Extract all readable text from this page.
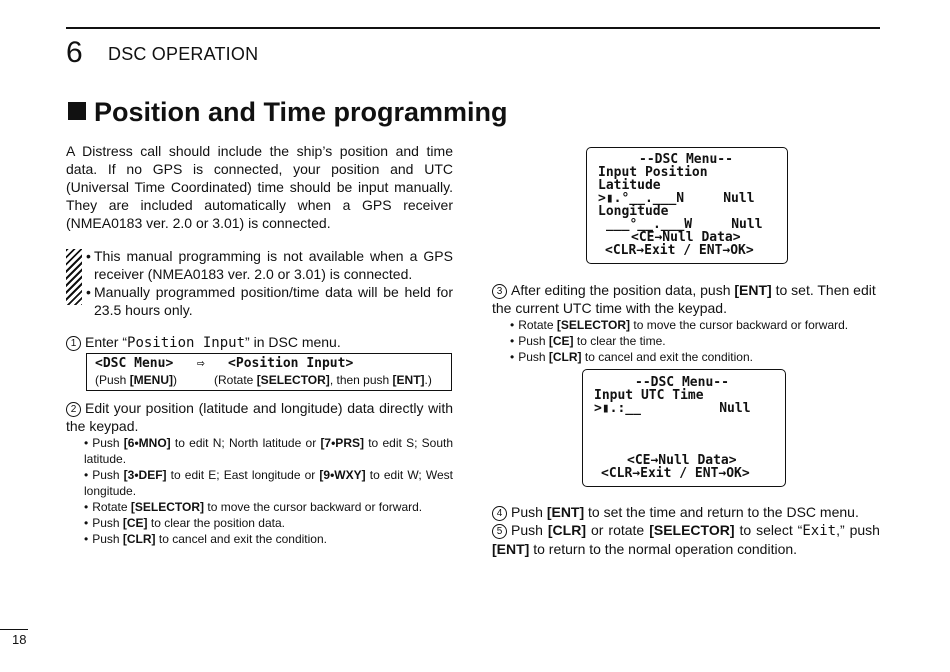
6 DSC OPERATION
Position and Time programming
A Distress call should include the ship’s position and time data. If no GPS is connected, your position and UTC (Universal Time Coordinated) time should be input manually. They are included automatically when a GPS receiver (NMEA0183 ver. 2.0 or 3.01) is connected.
• This manual programming is not available when a GPS receiver (NMEA0183 ver. 2.0 or 3.01) is connected.
• Manually programmed position/time data will be held for 23.5 hours only.
1 Enter “Position Input” in DSC menu.
<DSC Menu>   ⇨   <Position Input>
(Push [MENU])	(Rotate [SELECTOR], then push [ENT].)
2 Edit your position (latitude and longitude) data directly with the keypad.
• Push [6•MNO] to edit N; North latitude or [7•PRS] to edit S; South latitude.
• Push [3•DEF] to edit E; East longitude or [9•WXY] to edit W; West longitude.
• Rotate [SELECTOR] to move the cursor backward or forward.
• Push [CE] to clear the position data.
• Push [CLR] to cancel and exit the condition.
--DSC Menu--
Input Position
Latitude
>▮.°__.___N     Null
Longitude
___°__.___W     Null
<CE→Null Data>
<CLR→Exit / ENT→OK>
3 After editing the position data, push [ENT] to set. Then edit the current UTC time with the keypad.
• Rotate [SELECTOR] to move the cursor backward or forward.
• Push [CE] to clear the time.
• Push [CLR] to cancel and exit the condition.
--DSC Menu--
Input UTC Time
>▮.:__          Null
<CE→Null Data>
<CLR→Exit / ENT→OK>
4 Push [ENT] to set the time and return to the DSC menu.
5 Push [CLR] or rotate [SELECTOR] to select “Exit,” push [ENT] to return to the normal operation condition.
18
